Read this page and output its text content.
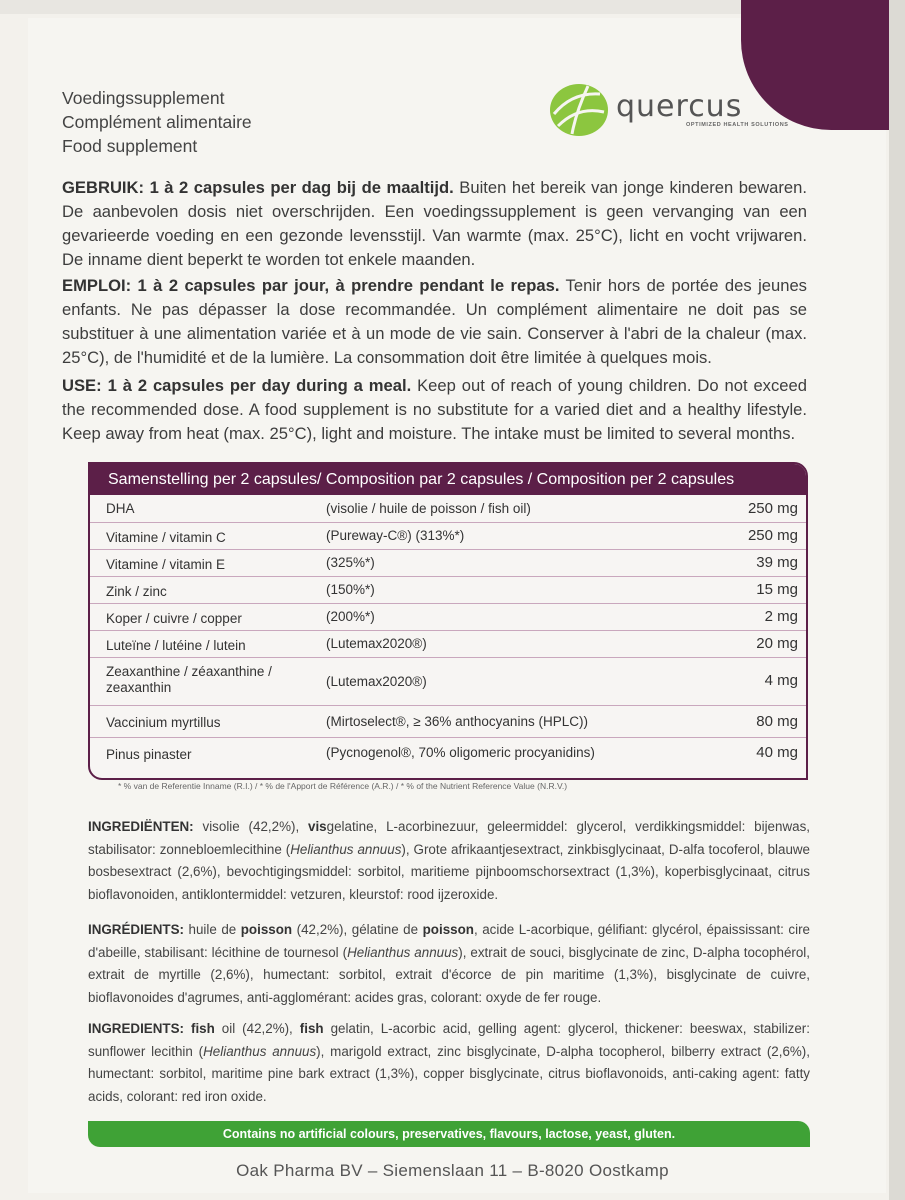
Voedingssupplement
Complément alimentaire
Food supplement
quercus
OPTIMIZED HEALTH SOLUTIONS
GEBRUIK: 1 à 2 capsules per dag bij de maaltijd. Buiten het bereik van jonge kinderen bewaren. De aanbevolen dosis niet overschrijden. Een voedingssupplement is geen vervanging van een gevarieerde voeding en een gezonde levensstijl. Van warmte (max. 25°C), licht en vocht vrijwaren. De inname dient beperkt te worden tot enkele maanden.
EMPLOI: 1 à 2 capsules par jour, à prendre pendant le repas. Tenir hors de portée des jeunes enfants. Ne pas dépasser la dose recommandée. Un complément alimentaire ne doit pas se substituer à une alimentation variée et à un mode de vie sain. Conserver à l'abri de la chaleur (max. 25°C), de l'humidité et de la lumière. La consommation doit être limitée à quelques mois.
USE: 1 à 2 capsules per day during a meal. Keep out of reach of young children. Do not exceed the recommended dose. A food supplement is no substitute for a varied diet and a healthy lifestyle. Keep away from heat (max. 25°C), light and moisture. The intake must be limited to several months.
Samenstelling per 2 capsules/ Composition par 2 capsules / Composition per 2 capsules
DHA	(visolie / huile de poisson / fish oil)	250 mg
Vitamine / vitamin C	(Pureway-C®) (313%*)	250 mg
Vitamine / vitamin E	(325%*)	39 mg
Zink / zinc	(150%*)	15 mg
Koper / cuivre / copper	(200%*)	2 mg
Luteïne / lutéine / lutein	(Lutemax2020®)	20 mg
Zeaxanthine / zéaxanthine / zeaxanthin	(Lutemax2020®)	4 mg
Vaccinium myrtillus	(Mirtoselect®, ≥ 36% anthocyanins (HPLC))	80 mg
Pinus pinaster	(Pycnogenol®, 70% oligomeric procyanidins)	40 mg
* % van de Referentie Inname (R.I.) / * % de l'Apport de Référence (A.R.) / * % of the Nutrient Reference Value (N.R.V.)
INGREDIËNTEN: visolie (42,2%), visgelatine, L-acorbinezuur, geleermiddel: glycerol, verdikkingsmiddel: bijenwas, stabilisator: zonnebloemlecithine (Helianthus annuus), Grote afrikaantjesextract, zinkbisglycinaat, D-alfa tocoferol, blauwe bosbesextract (2,6%), bevochtigingsmiddel: sorbitol, maritieme pijnboomschorsextract (1,3%), koperbisglycinaat, citrus bioflavonoiden, antiklontermiddel: vetzuren, kleurstof: rood ijzeroxide.
INGRÉDIENTS: huile de poisson (42,2%), gélatine de poisson, acide L-acorbique, gélifiant: glycérol, épaississant: cire d'abeille, stabilisant: lécithine de tournesol (Helianthus annuus), extrait de souci, bisglycinate de zinc, D-alpha tocophérol, extrait de myrtille (2,6%), humectant: sorbitol, extrait d'écorce de pin maritime (1,3%), bisglycinate de cuivre, bioflavonoides d'agrumes, anti-agglomérant: acides gras, colorant: oxyde de fer rouge.
INGREDIENTS: fish oil (42,2%), fish gelatin, L-acorbic acid, gelling agent: glycerol, thickener: beeswax, stabilizer: sunflower lecithin (Helianthus annuus), marigold extract, zinc bisglycinate, D-alpha tocopherol, bilberry extract (2,6%), humectant: sorbitol, maritime pine bark extract (1,3%), copper bisglycinate, citrus bioflavonoids, anti-caking agent: fatty acids, colorant: red iron oxide.
Contains no artificial colours, preservatives, flavours, lactose, yeast, gluten.
Oak Pharma BV – Siemenslaan 11 – B-8020 Oostkamp
